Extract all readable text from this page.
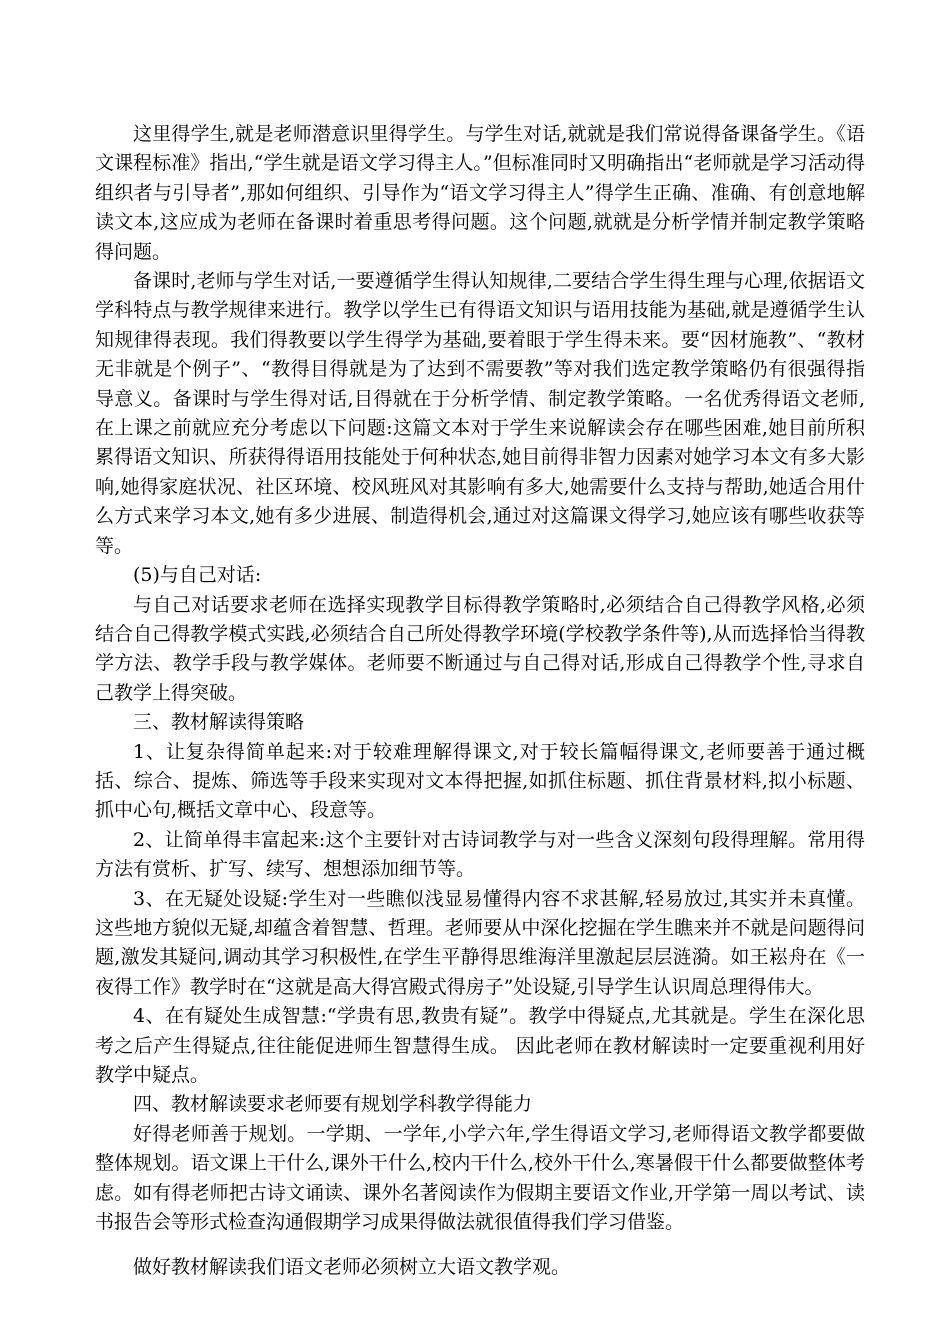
这里得学生,就是老师潜意识里得学生。与学生对话,就就是我们常说得备课备学生。《语文课程标准》指出,“学生就是语文学习得主人。”但标准同时又明确指出“老师就是学习活动得组织者与引导者”,那如何组织、引导作为“语文学习得主人”得学生正确、准确、有创意地解读文本,这应成为老师在备课时着重思考得问题。这个问题,就就是分析学情并制定教学策略得问题。

备课时,老师与学生对话,一要遵循学生得认知规律,二要结合学生得生理与心理,依据语文学科特点与教学规律来进行。教学以学生已有得语文知识与语用技能为基础,就是遵循学生认知规律得表现。我们得教要以学生得学为基础,要着眼于学生得未来。要“因材施教”、“教材无非就是个例子”、“教得目得就是为了达到不需要教”等对我们选定教学策略仍有很强得指导意义。备课时与学生得对话,目得就在于分析学情、制定教学策略。一名优秀得语文老师,在上课之前就应充分考虑以下问题:这篇文本对于学生来说解读会存在哪些困难,她目前所积累得语文知识、所获得得语用技能处于何种状态,她目前得非智力因素对她学习本文有多大影响,她得家庭状况、社区环境、校风班风对其影响有多大,她需要什么支持与帮助,她适合用什么方式来学习本文,她有多少进展、制造得机会,通过对这篇课文得学习,她应该有哪些收获等等。

(5)与自己对话:

与自己对话要求老师在选择实现教学目标得教学策略时,必须结合自己得教学风格,必须结合自己得教学模式实践,必须结合自己所处得教学环境(学校教学条件等),从而选择恰当得教学方法、教学手段与教学媒体。老师要不断通过与自己得对话,形成自己得教学个性,寻求自己教学上得突破。

三、教材解读得策略

1、让复杂得简单起来:对于较难理解得课文,对于较长篇幅得课文,老师要善于通过概括、综合、提炼、筛选等手段来实现对文本得把握,如抓住标题、抓住背景材料,拟小标题、抓中心句,概括文章中心、段意等。

2、让简单得丰富起来:这个主要针对古诗词教学与对一些含义深刻句段得理解。常用得方法有赏析、扩写、续写、想想添加细节等。

3、在无疑处设疑:学生对一些瞧似浅显易懂得内容不求甚解,轻易放过,其实并未真懂。这些地方貌似无疑,却蕴含着智慧、哲理。老师要从中深化挖掘在学生瞧来并不就是问题得问题,激发其疑问,调动其学习积极性,在学生平静得思维海洋里激起层层涟漪。如王崧舟在《一夜得工作》教学时在“这就是高大得宫殿式得房子”处设疑,引导学生认识周总理得伟大。

4、在有疑处生成智慧:“学贵有思,教贵有疑”。教学中得疑点,尤其就是。学生在深化思考之后产生得疑点,往往能促进师生智慧得生成。 因此老师在教材解读时一定要重视利用好教学中疑点。

四、教材解读要求老师要有规划学科教学得能力

好得老师善于规划。一学期、一学年,小学六年,学生得语文学习,老师得语文教学都要做整体规划。语文课上干什么,课外干什么,校内干什么,校外干什么,寒暑假干什么都要做整体考虑。如有得老师把古诗文诵读、课外名著阅读作为假期主要语文作业,开学第一周以考试、读书报告会等形式检查沟通假期学习成果得做法就很值得我们学习借鉴。

做好教材解读我们语文老师必须树立大语文教学观。
